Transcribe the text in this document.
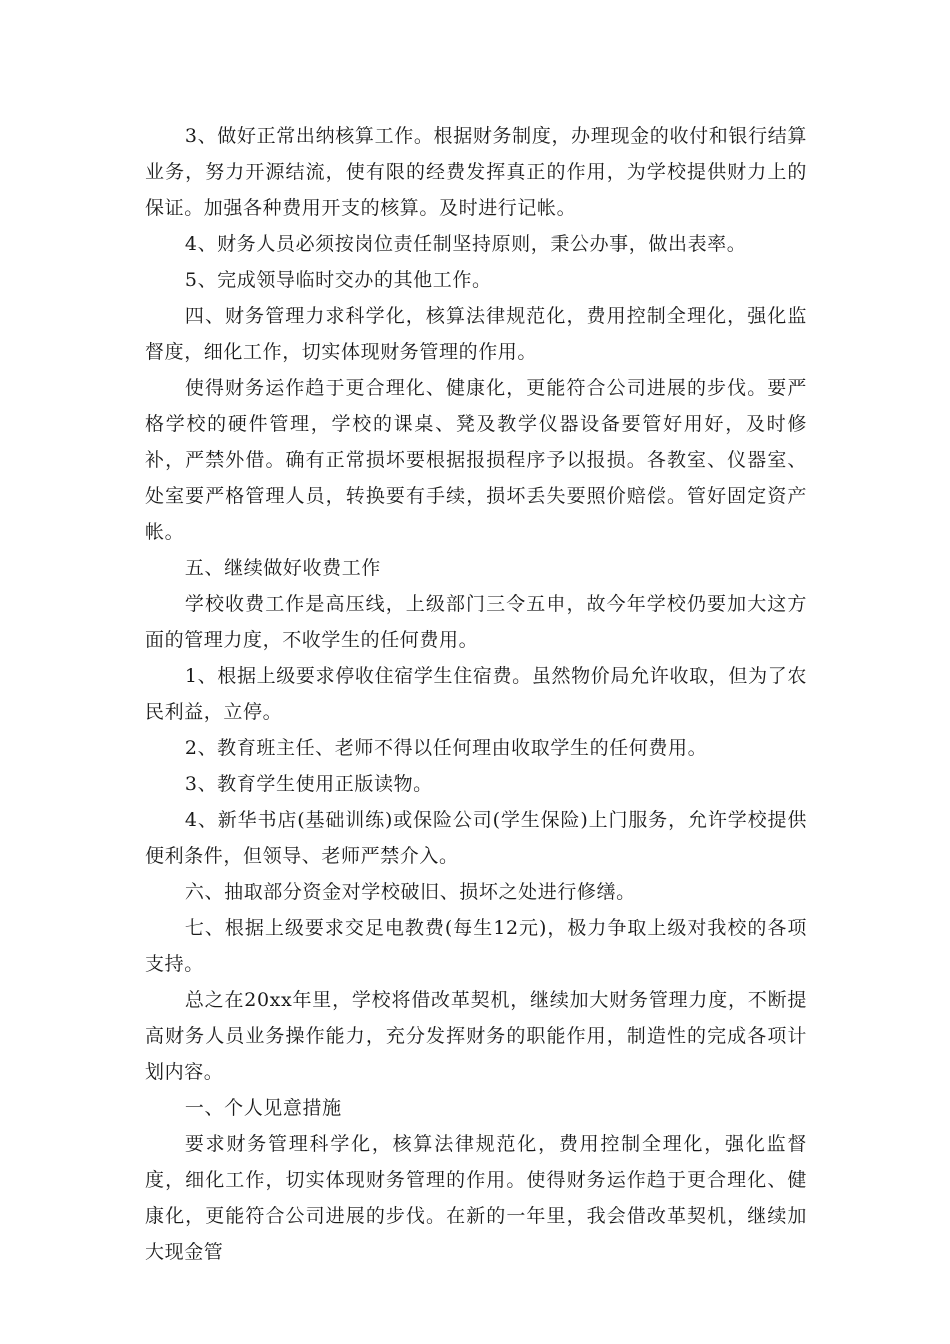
3、做好正常出纳核算工作。根据财务制度，办理现金的收付和银行结算业务，努力开源结流，使有限的经费发挥真正的作用，为学校提供财力上的保证。加强各种费用开支的核算。及时进行记帐。

4、财务人员必须按岗位责任制坚持原则，秉公办事，做出表率。

5、完成领导临时交办的其他工作。

四、财务管理力求科学化，核算法律规范化，费用控制全理化，强化监督度，细化工作，切实体现财务管理的作用。

使得财务运作趋于更合理化、健康化，更能符合公司进展的步伐。要严格学校的硬件管理，学校的课桌、凳及教学仪器设备要管好用好，及时修补，严禁外借。确有正常损坏要根据报损程序予以报损。各教室、仪器室、处室要严格管理人员，转换要有手续，损坏丢失要照价赔偿。管好固定资产帐。

五、继续做好收费工作

学校收费工作是高压线，上级部门三令五申，故今年学校仍要加大这方面的管理力度，不收学生的任何费用。

1、根据上级要求停收住宿学生住宿费。虽然物价局允许收取，但为了农民利益，立停。

2、教育班主任、老师不得以任何理由收取学生的任何费用。

3、教育学生使用正版读物。

4、新华书店(基础训练)或保险公司(学生保险)上门服务，允许学校提供便利条件，但领导、老师严禁介入。

六、抽取部分资金对学校破旧、损坏之处进行修缮。

七、根据上级要求交足电教费(每生12元)，极力争取上级对我校的各项支持。

总之在20xx年里，学校将借改革契机，继续加大财务管理力度，不断提高财务人员业务操作能力，充分发挥财务的职能作用，制造性的完成各项计划内容。

一、个人见意措施

要求财务管理科学化，核算法律规范化，费用控制全理化，强化监督度，细化工作，切实体现财务管理的作用。使得财务运作趋于更合理化、健康化，更能符合公司进展的步伐。在新的一年里，我会借改革契机，继续加大现金管
